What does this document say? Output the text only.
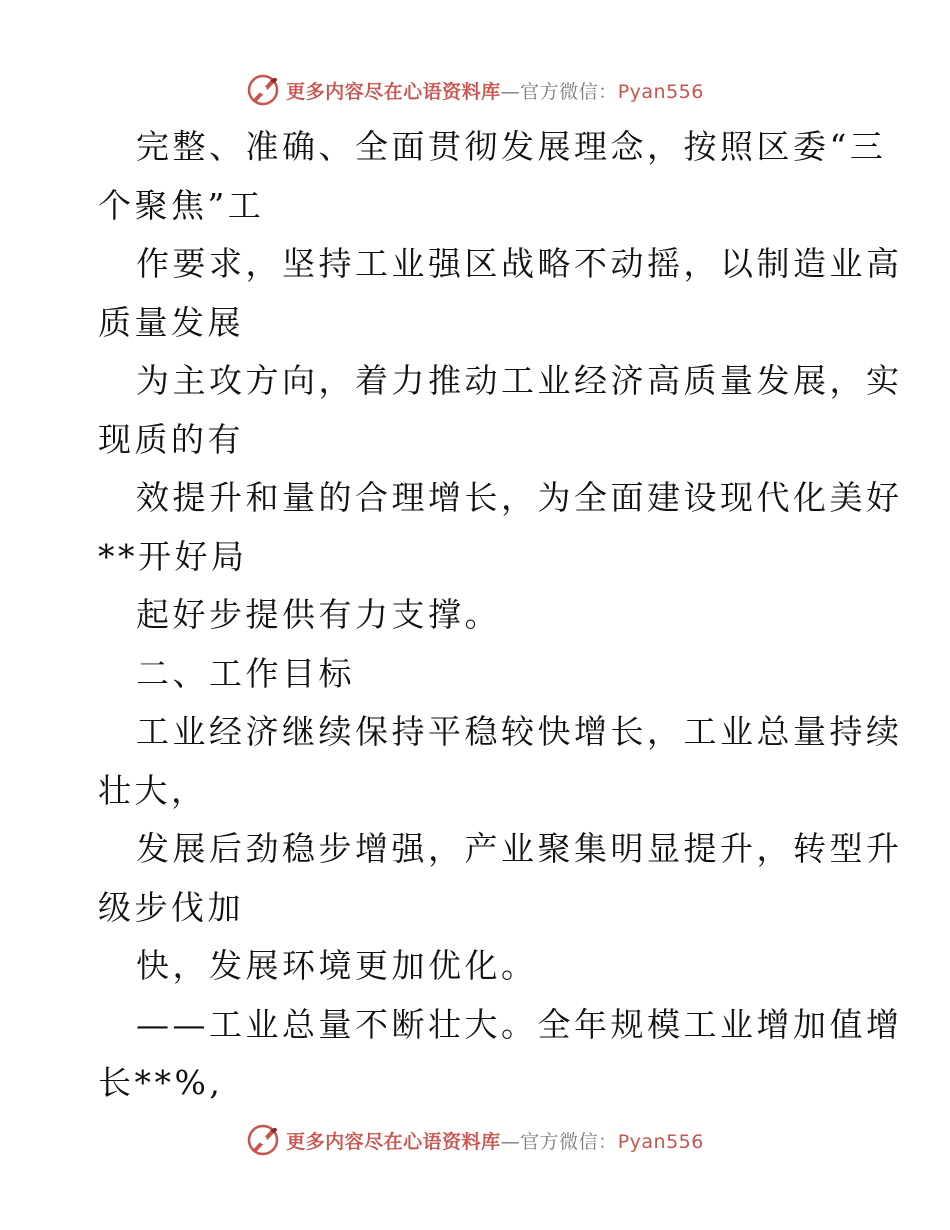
更多内容尽在心语资料库—官方微信：Pyan556
完整、准确、全面贯彻发展理念，按照区委“三
个聚焦”工
作要求，坚持工业强区战略不动摇，以制造业高
质量发展
为主攻方向，着力推动工业经济高质量发展，实
现质的有
效提升和量的合理增长，为全面建设现代化美好
**开好局
起好步提供有力支撑。
二、工作目标
工业经济继续保持平稳较快增长，工业总量持续
壮大，
发展后劲稳步增强，产业聚集明显提升，转型升
级步伐加
快，发展环境更加优化。
——工业总量不断壮大。全年规模工业增加值增
长**%,
更多内容尽在心语资料库—官方微信：Pyan556
